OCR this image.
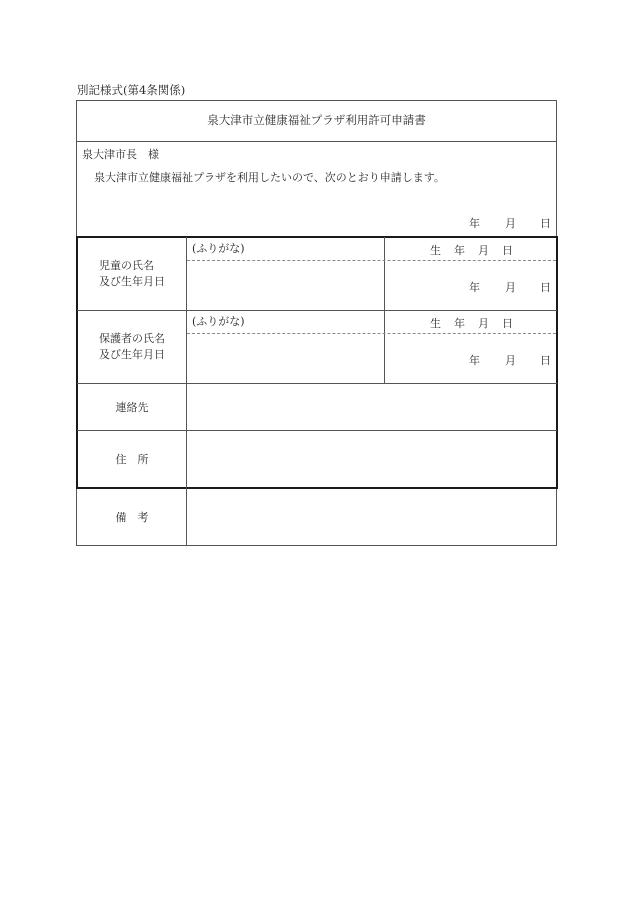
別記様式(第4条関係)
泉大津市立健康福祉プラザ利用許可申請書
泉大津市長　様
泉大津市立健康福祉プラザを利用したいので、次のとおり申請します。
年 月 日
児童の氏名
及び生年月日
(ふりがな)	生 年 月 日
年 月 日
保護者の氏名
及び生年月日
(ふりがな)	生 年 月 日
年 月 日
連絡先
住　所
備　考
